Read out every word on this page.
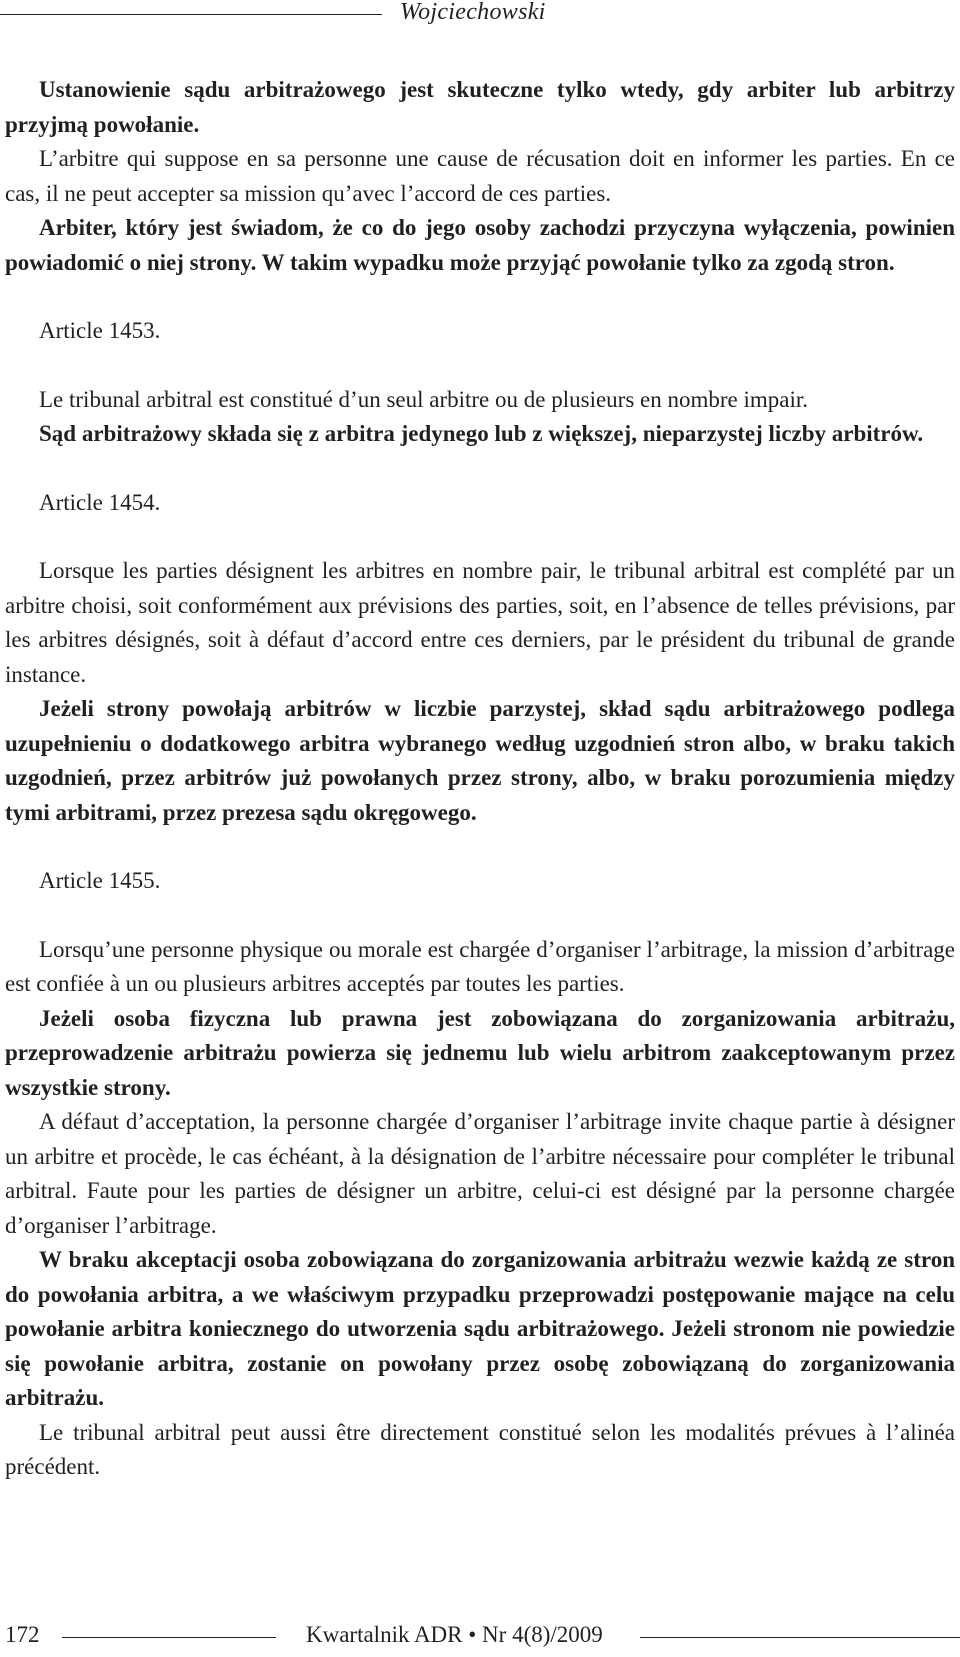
Wojciechowski

Ustanowienie sądu arbitrażowego jest skuteczne tylko wtedy, gdy arbiter lub arbitrzy przyjmą powołanie.

L’arbitre qui suppose en sa personne une cause de récusation doit en informer les parties. En ce cas, il ne peut accepter sa mission qu’avec l’accord de ces parties.

Arbiter, który jest świadom, że co do jego osoby zachodzi przyczyna wyłączenia, powinien powiadomić o niej strony. W takim wypadku może przyjąć powołanie tylko za zgodą stron.

Article 1453.

Le tribunal arbitral est constitué d’un seul arbitre ou de plusieurs en nombre impair.

Sąd arbitrażowy składa się z arbitra jedynego lub z większej, nieparzystej liczby arbitrów.

Article 1454.

Lorsque les parties désignent les arbitres en nombre pair, le tribunal arbitral est complété par un arbitre choisi, soit conformément aux prévisions des parties, soit, en l’absence de telles prévisions, par les arbitres désignés, soit à défaut d’accord entre ces derniers, par le président du tribunal de grande instance.

Jeżeli strony powołają arbitrów w liczbie parzystej, skład sądu arbitrażowego podlega uzupełnieniu o dodatkowego arbitra wybranego według uzgodnień stron albo, w braku takich uzgodnień, przez arbitrów już powołanych przez strony, albo, w braku porozumienia między tymi arbitrami, przez prezesa sądu okręgowego.

Article 1455.

Lorsqu’une personne physique ou morale est chargée d’organiser l’arbitrage, la mission d’arbitrage est confiée à un ou plusieurs arbitres acceptés par toutes les parties.

Jeżeli osoba fizyczna lub prawna jest zobowiązana do zorganizowania arbitrażu, przeprowadzenie arbitrażu powierza się jednemu lub wielu arbitrom zaakceptowanym przez wszystkie strony.

A défaut d’acceptation, la personne chargée d’organiser l’arbitrage invite chaque partie à désigner un arbitre et procède, le cas échéant, à la désignation de l’arbitre nécessaire pour compléter le tribunal arbitral. Faute pour les parties de désigner un arbitre, celui-ci est désigné par la personne chargée d’organiser l’arbitrage.

W braku akceptacji osoba zobowiązana do zorganizowania arbitrażu wezwie każdą ze stron do powołania arbitra, a we właściwym przypadku przeprowadzi postępowanie mające na celu powołanie arbitra koniecznego do utworzenia sądu arbitrażowego. Jeżeli stronom nie powiedzie się powołanie arbitra, zostanie on powołany przez osobę zobowiązaną do zorganizowania arbitrażu.

Le tribunal arbitral peut aussi être directement constitué selon les modalités prévues à l’alinéa précédent.

172	Kwartalnik ADR • Nr 4(8)/2009
